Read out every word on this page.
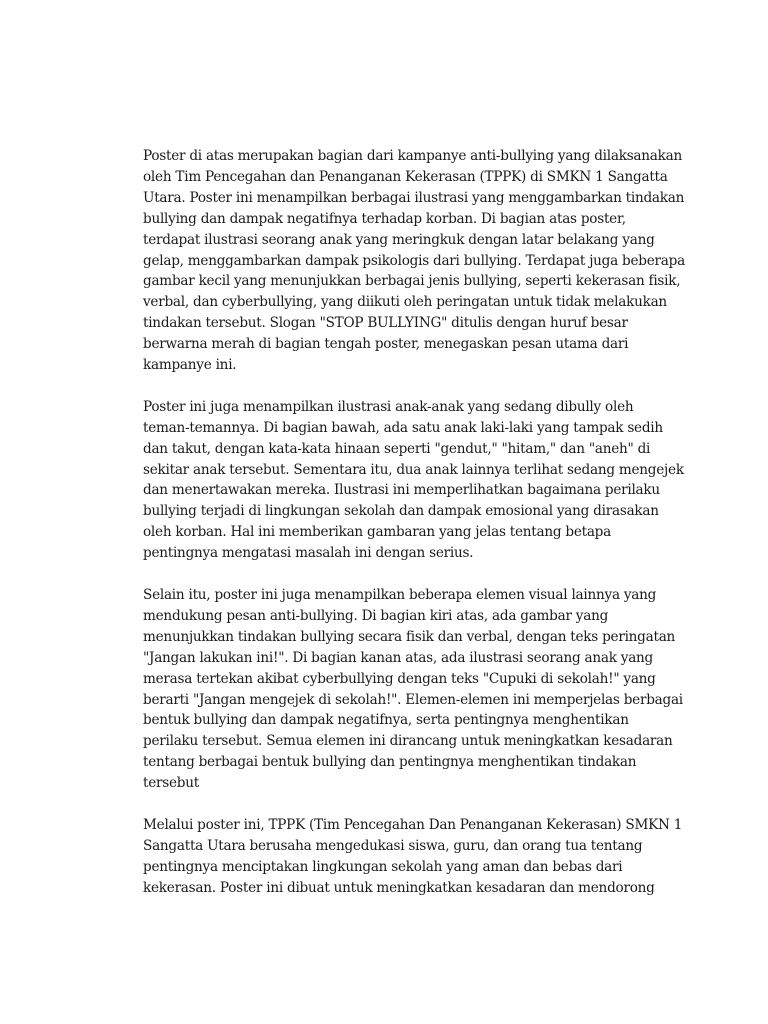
Poster di atas merupakan bagian dari kampanye anti-bullying yang dilaksanakan
oleh Tim Pencegahan dan Penanganan Kekerasan (TPPK) di SMKN 1 Sangatta
Utara. Poster ini menampilkan berbagai ilustrasi yang menggambarkan tindakan
bullying dan dampak negatifnya terhadap korban. Di bagian atas poster,
terdapat ilustrasi seorang anak yang meringkuk dengan latar belakang yang
gelap, menggambarkan dampak psikologis dari bullying. Terdapat juga beberapa
gambar kecil yang menunjukkan berbagai jenis bullying, seperti kekerasan fisik,
verbal, dan cyberbullying, yang diikuti oleh peringatan untuk tidak melakukan
tindakan tersebut. Slogan "STOP BULLYING" ditulis dengan huruf besar
berwarna merah di bagian tengah poster, menegaskan pesan utama dari
kampanye ini.

Poster ini juga menampilkan ilustrasi anak-anak yang sedang dibully oleh
teman-temannya. Di bagian bawah, ada satu anak laki-laki yang tampak sedih
dan takut, dengan kata-kata hinaan seperti "gendut," "hitam," dan "aneh" di
sekitar anak tersebut. Sementara itu, dua anak lainnya terlihat sedang mengejek
dan menertawakan mereka. Ilustrasi ini memperlihatkan bagaimana perilaku
bullying terjadi di lingkungan sekolah dan dampak emosional yang dirasakan
oleh korban. Hal ini memberikan gambaran yang jelas tentang betapa
pentingnya mengatasi masalah ini dengan serius.

Selain itu, poster ini juga menampilkan beberapa elemen visual lainnya yang
mendukung pesan anti-bullying. Di bagian kiri atas, ada gambar yang
menunjukkan tindakan bullying secara fisik dan verbal, dengan teks peringatan
"Jangan lakukan ini!". Di bagian kanan atas, ada ilustrasi seorang anak yang
merasa tertekan akibat cyberbullying dengan teks "Cupuki di sekolah!" yang
berarti "Jangan mengejek di sekolah!". Elemen-elemen ini memperjelas berbagai
bentuk bullying dan dampak negatifnya, serta pentingnya menghentikan
perilaku tersebut. Semua elemen ini dirancang untuk meningkatkan kesadaran
tentang berbagai bentuk bullying dan pentingnya menghentikan tindakan
tersebut

Melalui poster ini, TPPK (Tim Pencegahan Dan Penanganan Kekerasan) SMKN 1
Sangatta Utara berusaha mengedukasi siswa, guru, dan orang tua tentang
pentingnya menciptakan lingkungan sekolah yang aman dan bebas dari
kekerasan. Poster ini dibuat untuk meningkatkan kesadaran dan mendorong
